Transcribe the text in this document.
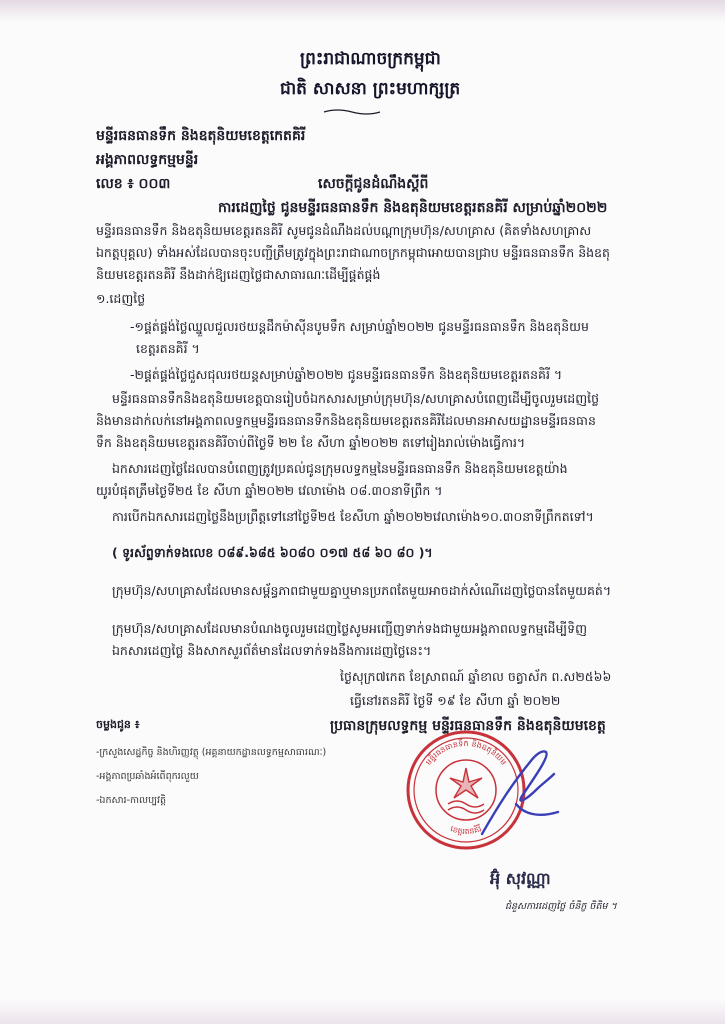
ព្រះរាជាណាចក្រកម្ពុជា
ជាតិ សាសនា ព្រះមហាក្សត្រ
មន្ទីរធនធានទឹក និងឧតុនិយមខេត្តកេតគិរី
អង្គភាពលទ្ធកម្មមន្ទីរ
លេខ ៖ ០០៣	សេចក្តីជូនដំណឹងស្តីពី
ការដេញថ្លៃ ជូនមន្ទីរធនធានទឹក និងឧតុនិយមខេត្តរតនគិរី សម្រាប់ឆ្នាំ២០២២
មន្ទីរធនធានទឹក និងឧតុនិយមខេត្តរតនគិរី សូមជូនដំណឹងដល់បណ្តាក្រុមហ៊ុន/សហគ្រាស (គិតទាំងសហគ្រាស
ឯកត្តបុគ្គល) ទាំងអស់ដែលបានចុះបញ្ជីត្រឹមត្រូវក្នុងព្រះរាជាណាចក្រកម្ពុជាអោយបានជ្រាប មន្ទីរធនធានទឹក និងឧតុ
និយមខេត្តរតនគិរី នឹងដាក់ឱ្យដេញថ្លៃជាសាធារណៈដើម្បីផ្គត់ផ្គង់
១.ដេញថ្លៃ
-១ផ្គត់ផ្គង់ថ្លៃឈ្នួលជួលរថយន្តដឹកម៉ាស៊ីនបូមទឹក សម្រាប់ឆ្នាំ២០២២ ជូនមន្ទីរធនធានទឹក និងឧតុនិយម
ខេត្តរតនគិរី ។
-២ផ្គត់ផ្គង់ថ្លៃជួសជុលរថយន្តសម្រាប់ឆ្នាំ២០២២ ជូនមន្ទីរធនធានទឹក និងឧតុនិយមខេត្តរតនគិរី ។
មន្ទីរធនធានទឹកនិងឧតុនិយមខេត្តបានរៀបចំឯកសារសម្រាប់ក្រុមហ៊ុន/សហគ្រាសបំពេញដើម្បីចូលរួមដេញថ្លៃ
និងមានដាក់លក់នៅអង្គភាពលទ្ធកម្មមន្ទីរធនធានទឹកនិងឧតុនិយមខេត្តរតនគិរីដែលមានអាសយដ្ឋានមន្ទីរធនធាន
ទឹក និងឧតុនិយមខេត្តរតនគិរីចាប់ពីថ្ងៃទី ២២ ខែ សីហា ឆ្នាំ២០២២ តទៅរៀងរាល់ម៉ោងធ្វើការ។
ឯកសារដេញថ្លៃដែលបានបំពេញត្រូវប្រគល់ជូនក្រុមលទ្ធកម្មនៃមន្ទីរធនធានទឹក និងឧតុនិយមខេត្តយ៉ាង
យូរបំផុតត្រឹមថ្ងៃទី២៥ ខែ សីហា ឆ្នាំ២០២២ វេលាម៉ោង ០៨.៣០នាទីព្រឹក ។
ការបើកឯកសារដេញថ្លៃនឹងប្រព្រឹត្តទៅនៅថ្ងៃទី២៥ ខែសីហា ឆ្នាំ២០២២វេលាម៉ោង១០.៣០នាទីព្រឹកតទៅ។
( ទូរស័ព្ទទាក់ទងលេខ ០៨៩.៦៨៥ ៦០៨០ ០១៧ ៥៨ ៦០ ៨០ )។
ក្រុមហ៊ុន/សហគ្រាសដែលមានសម្ព័ន្ធភាពជាមួយគ្នាឬមានប្រភពតែមួយអាចដាក់សំណើដេញថ្លៃបានតែមួយគត់។
ក្រុមហ៊ុន/សហគ្រាសដែលមានបំណងចូលរួមដេញថ្លៃសូមអញ្ជើញទាក់ទងជាមួយអង្គភាពលទ្ធកម្មដើម្បីទិញ
ឯកសារដេញថ្លៃ និងសាកសួរព័ត៌មានដែលទាក់ទងនឹងការដេញថ្លៃនេះ។
ថ្ងៃសុក្រ៧កេត ខែស្រាពណ៍ ឆ្នាំខាល ចត្វាស័ក ព.ស២៥៦៦
ធ្វើនៅរតនគិរី ថ្ងៃទី ១៩ ខែ សីហា ឆ្នាំ ២០២២
ប្រធានក្រុមលទ្ធកម្ម មន្ទីរធនធានទឹក និងឧតុនិយមខេត្ត
ចម្លងជូន ៖
-ក្រសួងសេដ្ឋកិច្ច និងហិរញ្ញវត្ថុ (អគ្គនាយកដ្ឋានលទ្ធកម្មសាធារណៈ)
-អង្គភាពប្រឆាំងអំពើពុករលួយ
-ឯកសារ-កាលប្បវត្តិ
មន្ទីរធនធានទឹក និងឧតុនិយម
ខេត្តរតនគិរី
អ៊ុំ សុវណ្ណា
ជំនួសការដេញថ្លៃ ចំនិក្ខ ចិតិម ។
